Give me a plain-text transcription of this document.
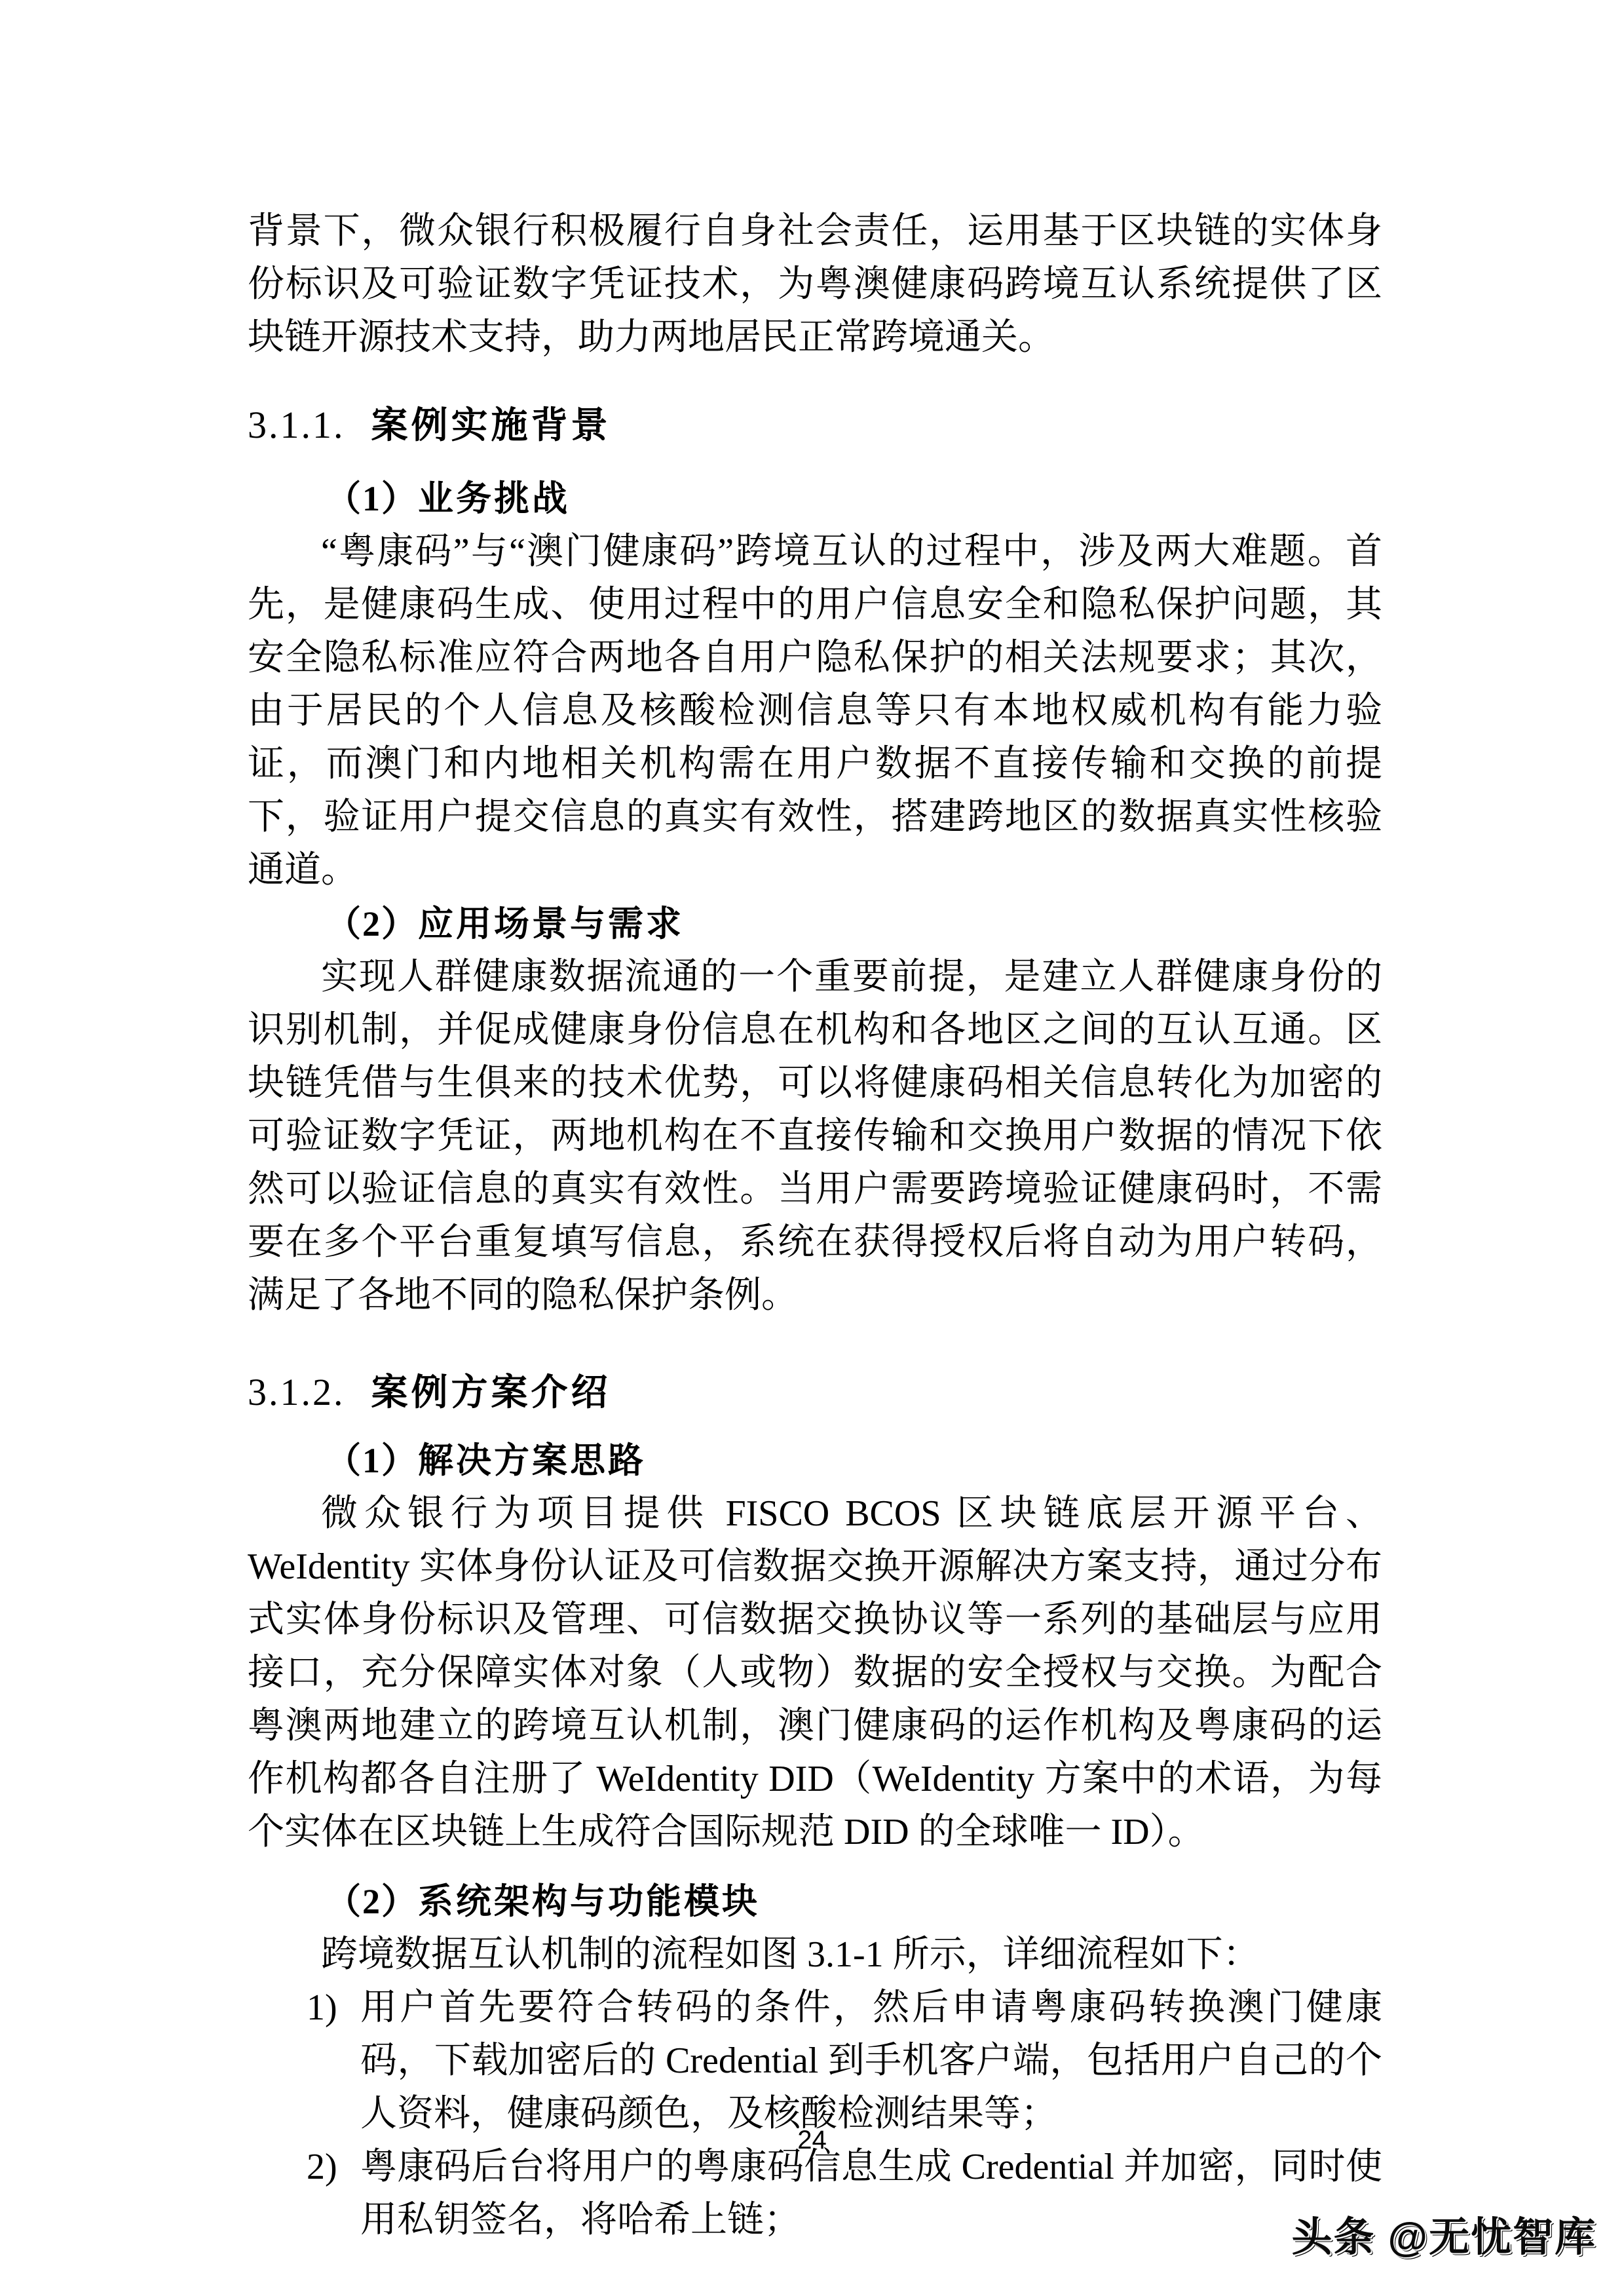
背景下，微众银行积极履行自身社会责任，运用基于区块链的实体身份标识及可验证数字凭证技术，为粤澳健康码跨境互认系统提供了区块链开源技术支持，助力两地居民正常跨境通关。

3.1.1. 案例实施背景
（1）业务挑战

“粤康码”与“澳门健康码”跨境互认的过程中，涉及两大难题。首先，是健康码生成、使用过程中的用户信息安全和隐私保护问题，其安全隐私标准应符合两地各自用户隐私保护的相关法规要求；其次，由于居民的个人信息及核酸检测信息等只有本地权威机构有能力验证，而澳门和内地相关机构需在用户数据不直接传输和交换的前提下，验证用户提交信息的真实有效性，搭建跨地区的数据真实性核验通道。

（2）应用场景与需求

实现人群健康数据流通的一个重要前提，是建立人群健康身份的识别机制，并促成健康身份信息在机构和各地区之间的互认互通。区块链凭借与生俱来的技术优势，可以将健康码相关信息转化为加密的可验证数字凭证，两地机构在不直接传输和交换用户数据的情况下依然可以验证信息的真实有效性。当用户需要跨境验证健康码时，不需要在多个平台重复填写信息，系统在获得授权后将自动为用户转码，满足了各地不同的隐私保护条例。

3.1.2. 案例方案介绍
（1）解决方案思路

微众银行为项目提供 FISCO BCOS 区块链底层开源平台、WeIdentity 实体身份认证及可信数据交换开源解决方案支持，通过分布式实体身份标识及管理、可信数据交换协议等一系列的基础层与应用接口，充分保障实体对象（人或物）数据的安全授权与交换。为配合粤澳两地建立的跨境互认机制，澳门健康码的运作机构及粤康码的运作机构都各自注册了 WeIdentity DID（WeIdentity 方案中的术语，为每个实体在区块链上生成符合国际规范 DID 的全球唯一 ID）。

（2）系统架构与功能模块

跨境数据互认机制的流程如图 3.1-1 所示，详细流程如下：

1) 用户首先要符合转码的条件，然后申请粤康码转换澳门健康码，下载加密后的 Credential 到手机客户端，包括用户自己的个人资料，健康码颜色，及核酸检测结果等；
2) 粤康码后台将用户的粤康码信息生成 Credential 并加密，同时使用私钥签名，将哈希上链；
24
头条 @无忧智库
